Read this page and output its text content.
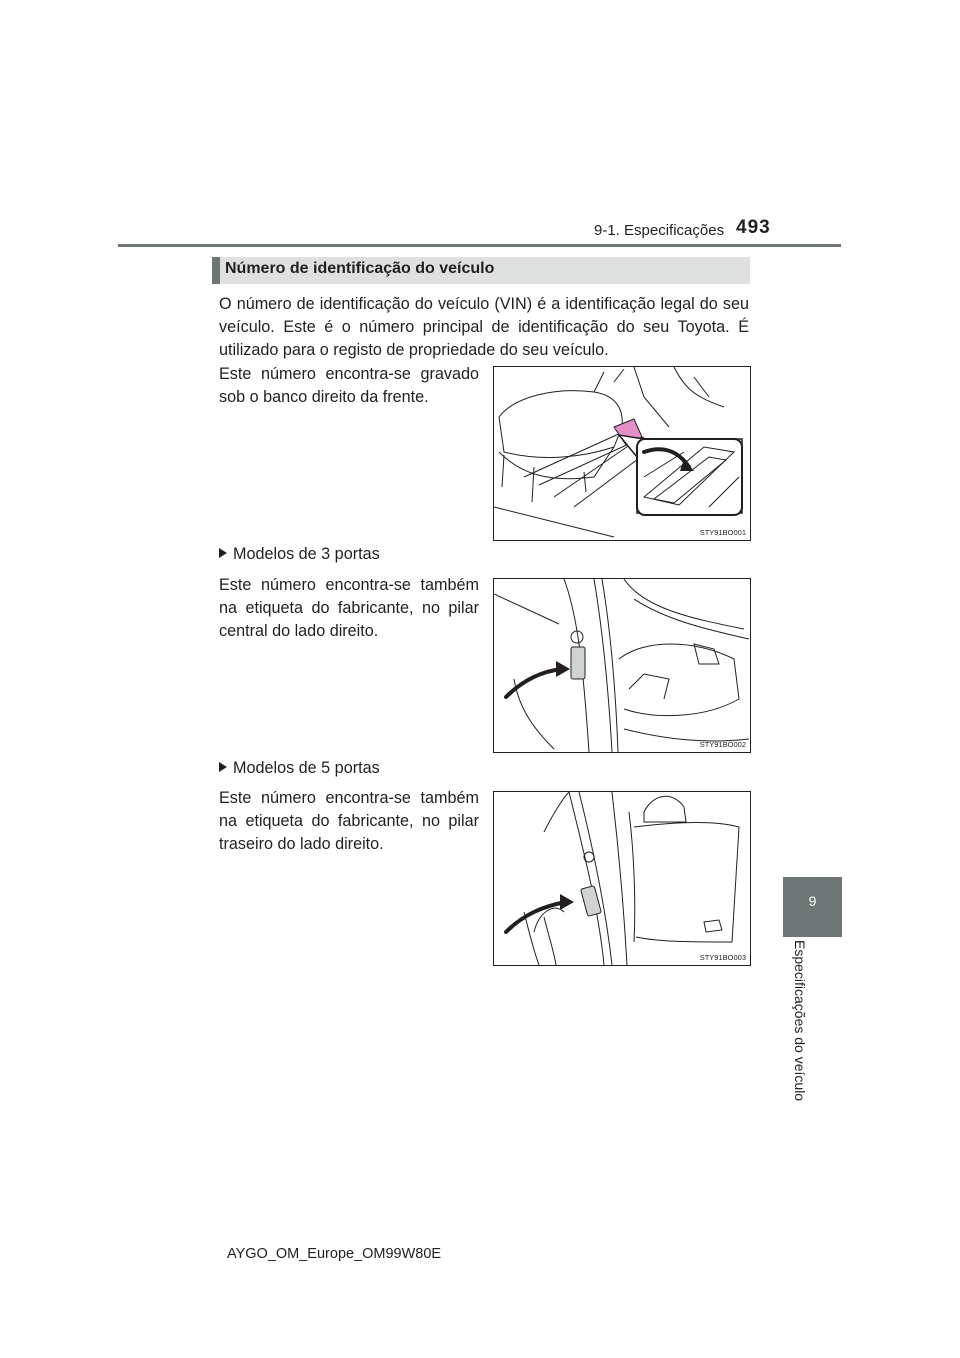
9-1. Especificações 493
9
Especificações do veículo
Número de identificação do veículo
O número de identificação do veículo (VIN) é a identificação legal do seu veículo. Este é o número principal de identificação do seu Toyota. É utilizado para o registo de propriedade do seu veículo.
Este número encontra-se gravado sob o banco direito da frente.
STY91BO001
Modelos de 3 portas
Este número encontra-se também na etiqueta do fabricante, no pilar central do lado direito.
STY91BO002
Modelos de 5 portas
Este número encontra-se também na etiqueta do fabricante, no pilar traseiro do lado direito.
STY91BO003
AYGO_OM_Europe_OM99W80E
